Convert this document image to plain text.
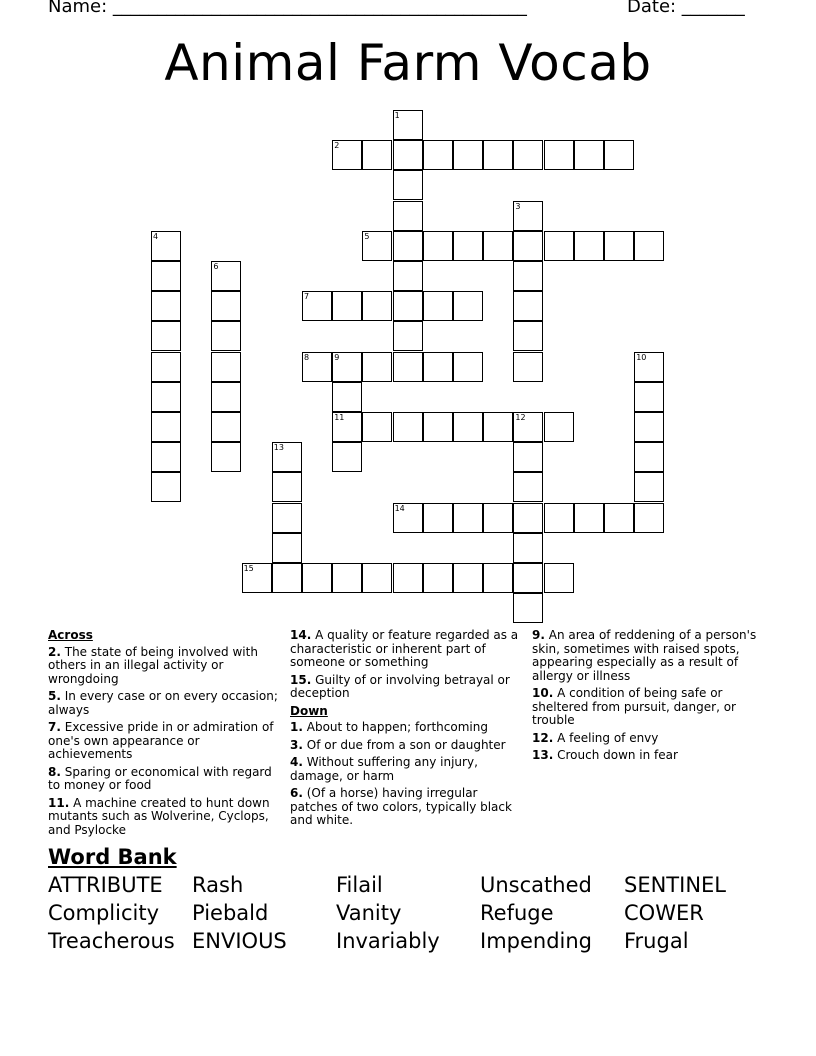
Name: ______________________________________________	Date: _______
Animal Farm Vocab
1
2
3
4	5
6
7
8	9
11
10
12
13
14
15
Across
2. The state of being involved with others in an illegal activity or wrongdoing
5. In every case or on every occasion; always
7. Excessive pride in or admiration of one's own appearance or achievements
8. Sparing or economical with regard to money or food
11. A machine created to hunt down mutants such as Wolverine, Cyclops, and Psylocke
14. A quality or feature regarded as a characteristic or inherent part of someone or something
15. Guilty of or involving betrayal or deception
Down
1. About to happen; forthcoming
3. Of or due from a son or daughter
4. Without suffering any injury, damage, or harm
6. (Of a horse) having irregular patches of two colors, typically black and white.
9. An area of reddening of a person's skin, sometimes with raised spots, appearing especially as a result of allergy or illness
10. A condition of being safe or sheltered from pursuit, danger, or trouble
12. A feeling of envy
13. Crouch down in fear
Word Bank
ATTRIBUTE	Rash	Filail	Unscathed	SENTINEL
Complicity	Piebald	Vanity	Refuge	COWER
Treacherous ENVIOUS	Invariably	Impending	Frugal
